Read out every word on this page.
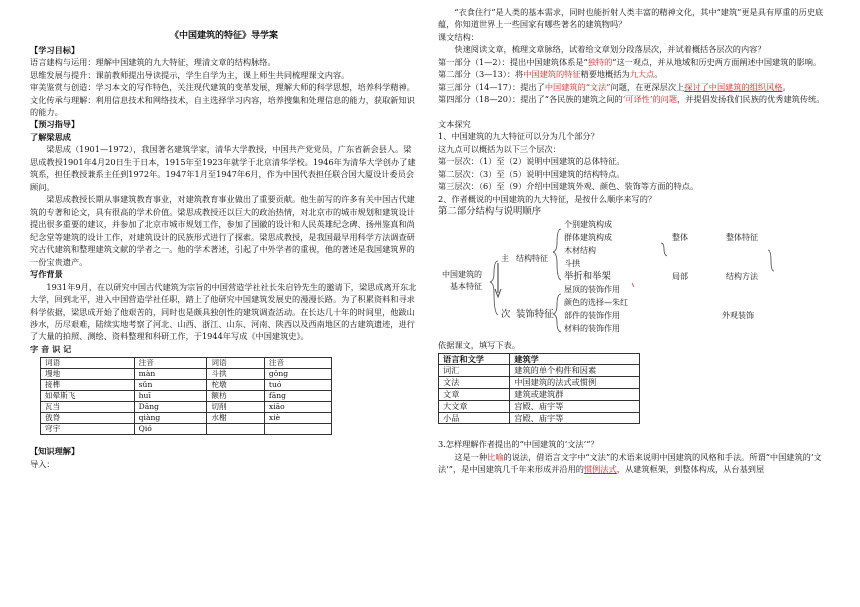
《中国建筑的特征》导学案

【学习目标】

语言建构与运用：理解中国建筑的九大特征，理清文章的结构脉络。

思维发展与提升：课前教师提出导读提示，学生自学为主，课上师生共同梳理课文内容。

审美鉴赏与创造：学习本文的写作特色，关注现代建筑的变革发展，理解大师的科学思想，培养科学精神。

文化传承与理解：利用信息技术和网络技术，自主选择学习内容，培养搜集和处理信息的能力，获取新知识的能力。

【预习指导】

了解梁思成

梁思成（1901—1972），我国著名建筑学家，清华大学教授，中国共产党党员，广东省新会县人。梁思成教授1901年4月20日生于日本，1915年至1923年就学于北京清华学校。1946年为清华大学创办了建筑系，担任教授兼系主任到1972年。1947年1月至1947年6月，作为中国代表担任联合国大厦设计委员会顾问。

梁思成教授长期从事建筑教育事业，对建筑教育事业做出了重要贡献。他生前写的许多有关中国古代建筑的专著和论文，具有很高的学术价值。梁思成教授还以巨大的政治热情，对北京市的城市规划和建筑设计提出很多重要的建议，并参加了北京市城市规划工作，参加了国徽的设计和人民英雄纪念碑、扬州鉴真和尚纪念堂等建筑的设计工作，对建筑设计的民族形式进行了探索。梁思成教授，是我国最早用科学方法调查研究古代建筑和整理建筑文献的学者之一。他的学术著述，引起了中外学者的重视，他的著述是我国建筑界的一份宝贵遗产。

写作背景

1931年9月，在以研究中国古代建筑为宗旨的中国营造学社社长朱启钤先生的邀请下，梁思成离开东北大学，回到北平，进入中国营造学社任职，踏上了他研究中国建筑发展史的漫漫长路。为了积累资料和寻求科学依据，梁思成开始了他艰苦的，同时也是颇具独创性的建筑调查活动。在长达几十年的时间里，他跋山涉水，历尽艰难，陆续实地考察了河北、山西、浙江、山东、河南、陕西以及西南地区的古建筑遗迹，进行了大量的拍照、测绘、资料整理和科研工作，于1944年写成《中国建筑史》。

字 音 识 记

词语	注音	词语	注音
墁地	màn	斗拱	gǒng
接榫	sǔn	柁墩	tuó
如晕斯飞	huī	额枋	fāng
瓦当	Dāng	切削	xiāo
戗脊	qiàng	水榭	xiè
穹宇	Qió		

【知识理解】

导入：

“衣食住行”是人类的基本需求，同时也能折射人类丰富的精神文化，其中“建筑”更是具有厚重的历史底蕴，你知道世界上一些国家有哪些著名的建筑物吗？

课文结构：

快速阅读文章，梳理文章脉络，试着给文章划分段落层次，并试着概括各层次的内容？

第一部分（1—2）：提出中国建筑体系是“独特的”这一观点，并从地域和历史两方面阐述中国建筑的影响。

第二部分（3—13）：将中国建筑的特征精要地概括为九大点。

第三部分（14—17）：提出了中国建筑的“文法”问题，在更深层次上探讨了中国建筑的组织风格。

第四部分（18—20）：提出了“各民族的建筑之间的‘可译性’的问题，并提倡发扬我们民族的优秀建筑传统。

文本探究

1、中国建筑的九大特征可以分为几个部分？

这九点可以概括为以下三个层次：

第一层次：（1）至（2）说明中国建筑的总体特征。

第二层次：（3）至（5）说明中国建筑的结构特点。

第三层次：（6）至（9）介绍中国建筑外观、颜色、装饰等方面的特点。

2、作者概说的中国建筑的九大特征，是按什么顺序来写的？

第二部分结构与说明顺序
主 结构特征
中国建筑的
基本特征
次 装饰特征
个别建筑构成
群体建筑构成
木材结构
斗拱
举折和举架
屋顶的装饰作用
颜色的选择—朱红
部件的装饰作用
材料的装饰作用
整体	整体特征
局部	结构方法
外观装饰

依据课文，填写下表。

语言和文学	建筑学
词汇	建筑的单个构件和因素
文法	中国建筑的法式或惯例
文章	建筑或建筑群
大文章	宫殿、庙宇等
小品	宫殿、庙宇等

3.怎样理解作者提出的“中国建筑的‘文法’”？

这是一种比喻的说法，借语言文字中“文法”的术语来说明中国建筑的风格和手法。所谓“中国建筑的‘文法’”，是中国建筑几千年来形成并沿用的惯例法式，从建筑框架，到整体构成，从台基到屋
